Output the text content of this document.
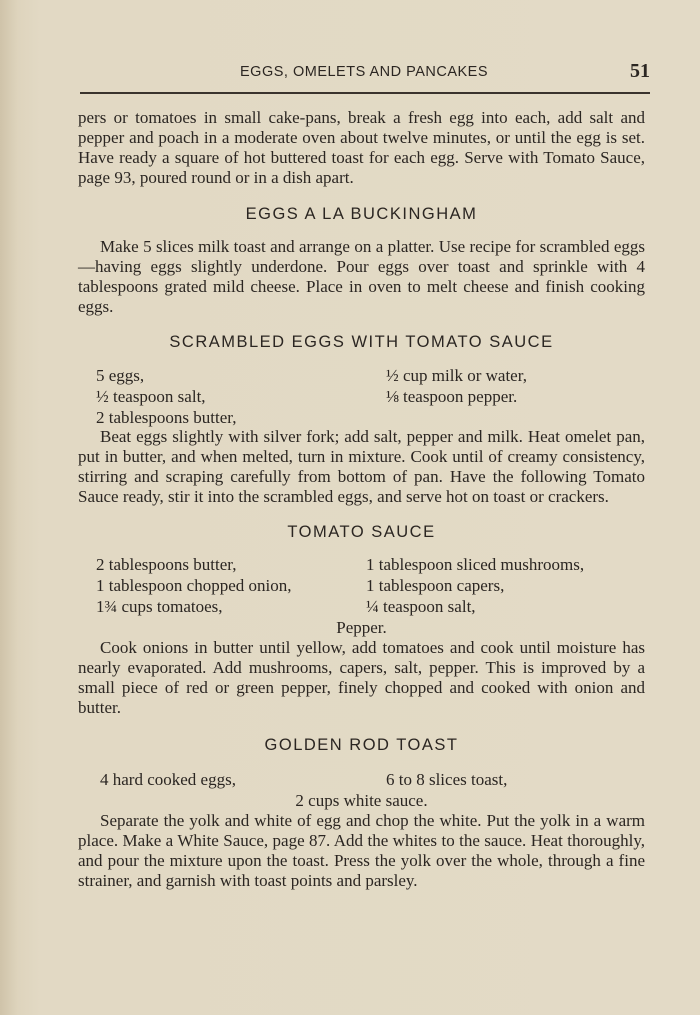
EGGS, OMELETS AND PANCAKES	51

pers or tomatoes in small cake-pans, break a fresh egg into each, add salt and pepper and poach in a moderate oven about twelve minutes, or until the egg is set. Have ready a square of hot buttered toast for each egg. Serve with Tomato Sauce, page 93, poured round or in a dish apart.

EGGS A LA BUCKINGHAM

Make 5 slices milk toast and arrange on a platter. Use recipe for scrambled eggs—having eggs slightly underdone. Pour eggs over toast and sprinkle with 4 tablespoons grated mild cheese. Place in oven to melt cheese and finish cooking eggs.

SCRAMBLED EGGS WITH TOMATO SAUCE
5 eggs,	½ cup milk or water,
½ teaspoon salt,	⅛ teaspoon pepper.
2 tablespoons butter,

Beat eggs slightly with silver fork; add salt, pepper and milk. Heat omelet pan, put in butter, and when melted, turn in mixture. Cook until of creamy consistency, stirring and scraping carefully from bottom of pan. Have the following Tomato Sauce ready, stir it into the scrambled eggs, and serve hot on toast or crackers.

TOMATO SAUCE
2 tablespoons butter,	1 tablespoon sliced mushrooms,
1 tablespoon chopped onion,	1 tablespoon capers,
1¾ cups tomatoes,	¼ teaspoon salt,
Pepper.

Cook onions in butter until yellow, add tomatoes and cook until moisture has nearly evaporated. Add mushrooms, capers, salt, pepper. This is improved by a small piece of red or green pepper, finely chopped and cooked with onion and butter.

GOLDEN ROD TOAST
4 hard cooked eggs,	6 to 8 slices toast,
2 cups white sauce.

Separate the yolk and white of egg and chop the white. Put the yolk in a warm place. Make a White Sauce, page 87. Add the whites to the sauce. Heat thoroughly, and pour the mixture upon the toast. Press the yolk over the whole, through a fine strainer, and garnish with toast points and parsley.
